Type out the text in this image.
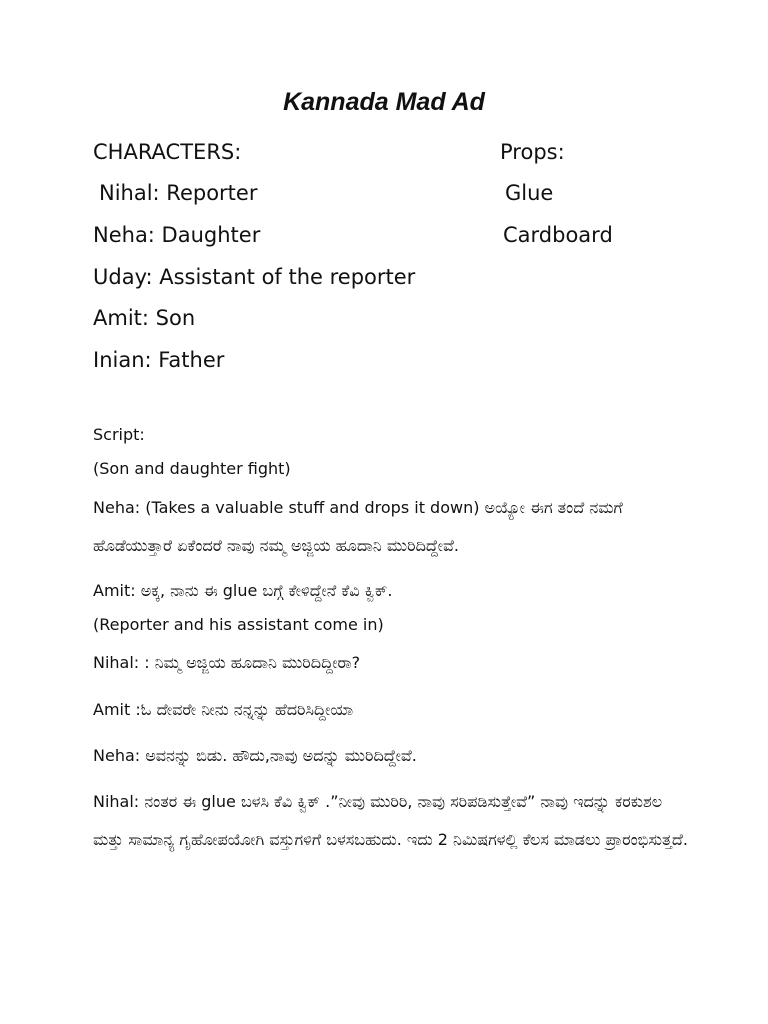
Kannada Mad Ad
CHARACTERS:	Props:
Nihal: Reporter	Glue
Neha: Daughter	Cardboard
Uday: Assistant of the reporter
Amit: Son
Inian: Father
Script:
(Son and daughter fight)
Neha: (Takes a valuable stuff and drops it down) ಅಯ್ಯೋ ಈಗ ತಂದೆ ನಮಗೆ ಹೊಡೆಯುತ್ತಾರೆ ಏಕೆಂದರೆ ನಾವು ನಮ್ಮ ಅಜ್ಜಿಯ ಹೂದಾನಿ ಮುರಿದಿದ್ದೇವೆ.
Amit: ಅಕ್ಕ, ನಾನು ಈ glue ಬಗ್ಗೆ ಕೇಳಿದ್ದೇನೆ ಕೆವಿ ಕ್ವಿಕ್.
(Reporter and his assistant come in)
Nihal: : ನಿಮ್ಮ ಅಜ್ಜಿಯ ಹೂದಾನಿ ಮುರಿದಿದ್ದೀರಾ?
Amit :ಓ ದೇವರೇ ನೀನು ನನ್ನನ್ನು ಹೆದರಿಸಿದ್ದೀಯಾ
Neha: ಅವನನ್ನು ಬಿಡು. ಹೌದು,ನಾವು ಅದನ್ನು ಮುರಿದಿದ್ದೇವೆ.
Nihal: ನಂತರ ಈ glue ಬಳಸಿ ಕೆವಿ ಕ್ವಿಕ್ .”ನೀವು ಮುರಿರಿ, ನಾವು ಸರಿಪಡಿಸುತ್ತೇವೆ” ನಾವು ಇದನ್ನು ಕರಕುಶಲ ಮತ್ತು ಸಾಮಾನ್ಯ ಗೃಹೋಪಯೋಗಿ ವಸ್ತುಗಳಿಗೆ ಬಳಸಬಹುದು. ಇದು 2 ನಿಮಿಷಗಳಲ್ಲಿ ಕೆಲಸ ಮಾಡಲು ಪ್ರಾರಂಭಿಸುತ್ತದೆ.
